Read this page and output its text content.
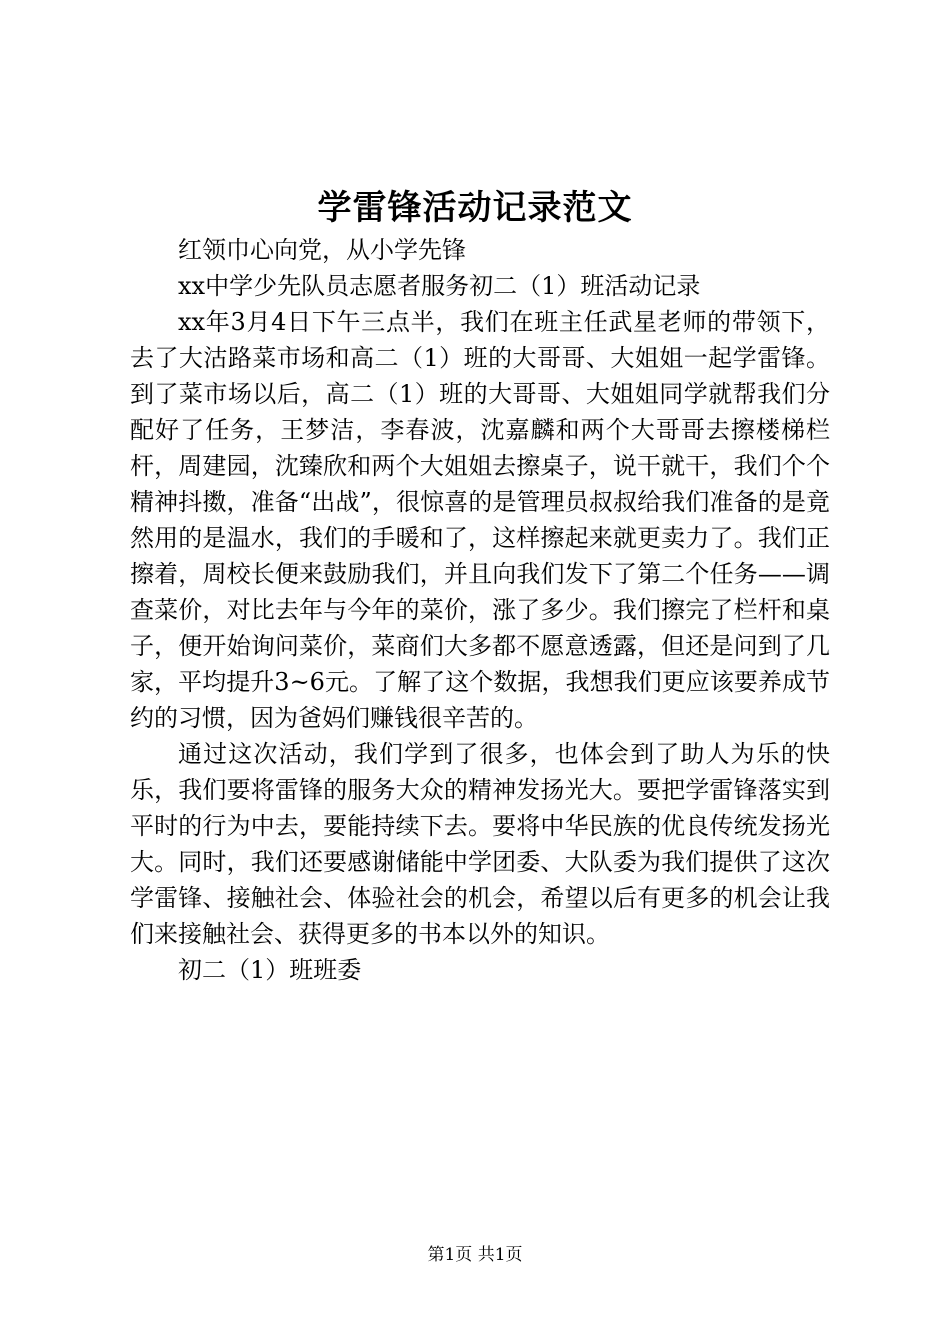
学雷锋活动记录范文

红领巾心向党，从小学先锋

xx中学少先队员志愿者服务初二（1）班活动记录

xx年3月4日下午三点半，我们在班主任武星老师的带领下，去了大沽路菜市场和高二（1）班的大哥哥、大姐姐一起学雷锋。到了菜市场以后，高二（1）班的大哥哥、大姐姐同学就帮我们分配好了任务，王梦洁，李春波，沈嘉麟和两个大哥哥去擦楼梯栏杆，周建园，沈臻欣和两个大姐姐去擦桌子，说干就干，我们个个精神抖擞，准备“出战”，很惊喜的是管理员叔叔给我们准备的是竟然用的是温水，我们的手暖和了，这样擦起来就更卖力了。我们正擦着，周校长便来鼓励我们，并且向我们发下了第二个任务——调查菜价，对比去年与今年的菜价，涨了多少。我们擦完了栏杆和桌子，便开始询问菜价，菜商们大多都不愿意透露，但还是问到了几家，平均提升3~6元。了解了这个数据，我想我们更应该要养成节约的习惯，因为爸妈们赚钱很辛苦的。

通过这次活动，我们学到了很多，也体会到了助人为乐的快乐，我们要将雷锋的服务大众的精神发扬光大。要把学雷锋落实到平时的行为中去，要能持续下去。要将中华民族的优良传统发扬光大。同时，我们还要感谢储能中学团委、大队委为我们提供了这次学雷锋、接触社会、体验社会的机会，希望以后有更多的机会让我们来接触社会、获得更多的书本以外的知识。

初二（1）班班委

第1页 共1页
